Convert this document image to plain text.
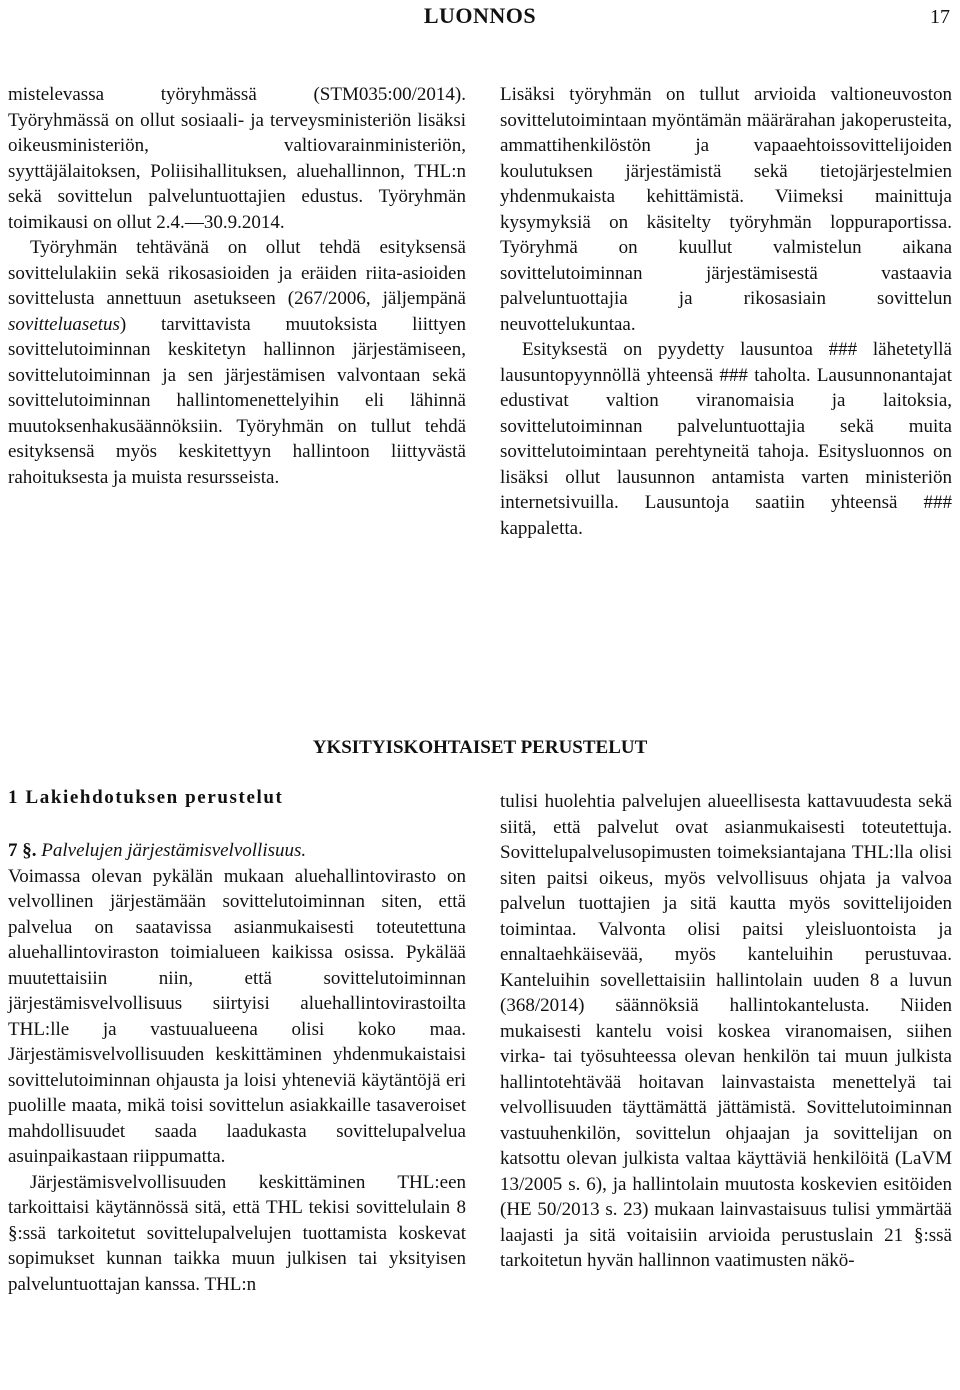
LUONNOS	17

mistelevassa työryhmässä (STM035:00/2014). Työryhmässä on ollut sosiaali- ja terveysministeriön lisäksi oikeusministeriön, valtiovarainministeriön, syyttäjälaitoksen, Poliisihallituksen, aluehallinnon, THL:n sekä sovittelun palveluntuottajien edustus. Työryhmän toimikausi on ollut 2.4.—30.9.2014.

Työryhmän tehtävänä on ollut tehdä esityksensä sovittelulakiin sekä rikosasioiden ja eräiden riita-asioiden sovittelusta annettuun asetukseen (267/2006, jäljempänä sovitteluasetus) tarvittavista muutoksista liittyen sovittelutoiminnan keskitetyn hallinnon järjestämiseen, sovittelutoiminnan ja sen järjestämisen valvontaan sekä sovittelutoiminnan hallintomenettelyihin eli lähinnä muutoksenhakusäännöksiin. Työryhmän on tullut tehdä esityksensä myös keskitettyyn hallintoon liittyvästä rahoituksesta ja muista resursseista.

Lisäksi työryhmän on tullut arvioida valtioneuvoston sovittelutoimintaan myöntämän määrärahan jakoperusteita, ammattihenkilöstön ja vapaaehtoissovittelijoiden koulutuksen järjestämistä sekä tietojärjestelmien yhdenmukaista kehittämistä. Viimeksi mainittuja kysymyksiä on käsitelty työryhmän loppuraportissa. Työryhmä on kuullut valmistelun aikana sovittelutoiminnan järjestämisestä vastaavia palveluntuottajia ja rikosasiain sovittelun neuvottelukuntaa.

Esityksestä on pyydetty lausuntoa ### lähetetyllä lausuntopyynnöllä yhteensä ### taholta. Lausunnonantajat edustivat valtion viranomaisia ja laitoksia, sovittelutoiminnan palveluntuottajia sekä muita sovittelutoimintaan perehtyneitä tahoja. Esitysluonnos on lisäksi ollut lausunnon antamista varten ministeriön internetsivuilla. Lausuntoja saatiin yhteensä ### kappaletta.

YKSITYISKOHTAISET PERUSTELUT
1 Lakiehdotuksen perustelut

7 §. Palvelujen järjestämisvelvollisuus.

Voimassa olevan pykälän mukaan aluehallintovirasto on velvollinen järjestämään sovittelutoiminnan siten, että palvelua on saatavissa asianmukaisesti toteutettuna aluehallintoviraston toimialueen kaikissa osissa. Pykälää muutettaisiin niin, että sovittelutoiminnan järjestämisvelvollisuus siirtyisi aluehallintovirastoilta THL:lle ja vastuualueena olisi koko maa. Järjestämisvelvollisuuden keskittäminen yhdenmukaistaisi sovittelutoiminnan ohjausta ja loisi yhteneviä käytäntöjä eri puolille maata, mikä toisi sovittelun asiakkaille tasaveroiset mahdollisuudet saada laadukasta sovittelupalvelua asuinpaikastaan riippumatta.

Järjestämisvelvollisuuden keskittäminen THL:een tarkoittaisi käytännössä sitä, että THL tekisi sovittelulain 8 §:ssä tarkoitetut sovittelupalvelujen tuottamista koskevat sopimukset kunnan taikka muun julkisen tai yksityisen palveluntuottajan kanssa. THL:n

tulisi huolehtia palvelujen alueellisesta kattavuudesta sekä siitä, että palvelut ovat asianmukaisesti toteutettuja. Sovittelupalvelusopimusten toimeksiantajana THL:lla olisi siten paitsi oikeus, myös velvollisuus ohjata ja valvoa palvelun tuottajien ja sitä kautta myös sovittelijoiden toimintaa. Valvonta olisi paitsi yleisluontoista ja ennaltaehkäisevää, myös kanteluihin perustuvaa. Kanteluihin sovellettaisiin hallintolain uuden 8 a luvun (368/2014) säännöksiä hallintokantelusta. Niiden mukaisesti kantelu voisi koskea viranomaisen, siihen virka- tai työsuhteessa olevan henkilön tai muun julkista hallintotehtävää hoitavan lainvastaista menettelyä tai velvollisuuden täyttämättä jättämistä. Sovittelutoiminnan vastuuhenkilön, sovittelun ohjaajan ja sovittelijan on katsottu olevan julkista valtaa käyttäviä henkilöitä (LaVM 13/2005 s. 6), ja hallintolain muutosta koskevien esitöiden (HE 50/2013 s. 23) mukaan lainvastaisuus tulisi ymmärtää laajasti ja sitä voitaisiin arvioida perustuslain 21 §:ssä tarkoitetun hyvän hallinnon vaatimusten näkö-
